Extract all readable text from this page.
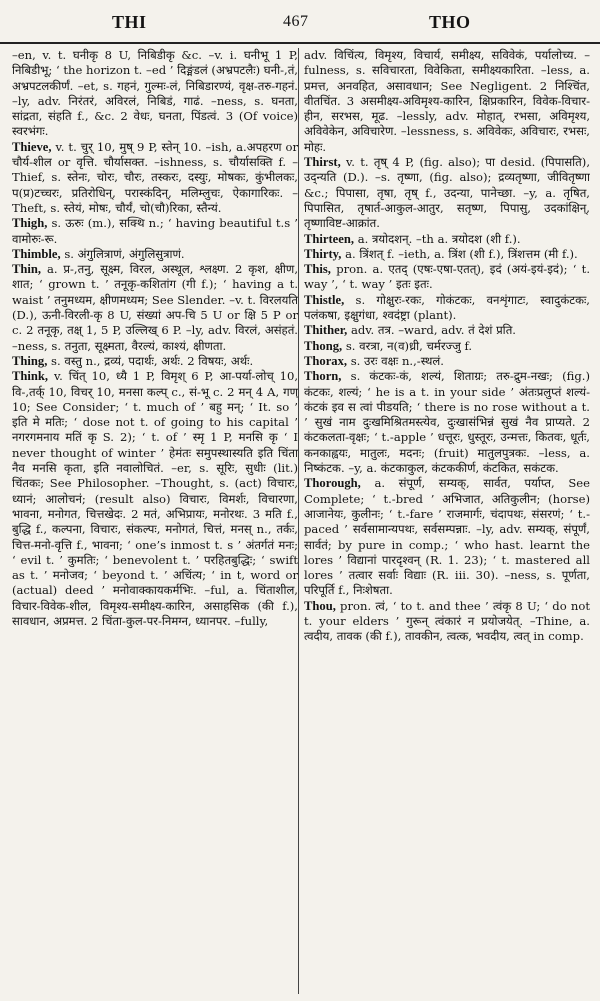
THI	467	THO

–en, v. t. घनीकृ 8 U, निबिडीकृ &c. –v. i. घनीभू 1 P, निबिडीभू; ‘ the horizon t. –ed ’ दिङ्मंडलं (अभ्रपटलैः) घनी-,तं, अभ्रपटलकीर्णं. –et, s. गहनं, गुल्मः-लं, निबिडारण्यं, वृक्ष-तरु-गहनं. –ly, adv. निरंतरं, अविरलं, निबिडं, गाढं. –ness, s. घनता, सांद्रता, संहति f., &c. 2 वेधः, घनता, पिंडत्वं. 3 (Of voice) स्वरभंगः.

Thieve, v. t. चुर् 10, मुष् 9 P, स्तेन् 10. –ish, a.अपहरण or चौर्य-शील or वृत्ति. चौर्यासक्त. –ishness, s. चौर्यासक्ति f. –Thief, s. स्तेनः, चोरः, चौरः, तस्करः, दस्युः, मोषकः, कुंभीलकः, प(प्र)टच्चरः, प्रतिरोधिन्, परास्कंदिन्, मलिम्लुचः, ऐकागारिकः. –Theft, s. स्तेयं, मोषः, चौर्यं, चो(चौ)रिका, स्तैन्यं.

Thigh, s. ऊरुः (m.), सक्थि n.; ‘ having beautiful t.s ’ वामोरुः-रू.

Thimble, s. अंगुलित्राणं, अंगुलिसुत्राणं.

Thin, a. प्र-,तनु, सूक्ष्म, विरल, अस्थूल, श्लक्ष्ण. 2 कृश, क्षीण, शात; ‘ grown t. ’ तनूकृ-कशितांग (गी f.); ‘ having a t. waist ’ तनुमध्यम, क्षीणमध्यम; See Slender. –v. t. विरलयति (D.), ऊनी-विरली-कृ 8 U, संख्यां अप-चि 5 U or क्षि 5 P or c. 2 तनूकृ, तक्ष् 1, 5 P, उल्लिख् 6 P. –ly, adv. विरलं, असंहतं. –ness, s. तनुता, सूक्ष्मता, वैरल्यं, काश्यं, क्षीणता.

Thing, s. वस्तु n., द्रव्यं, पदार्थः, अर्थः. 2 विषयः, अर्थः.

Think, v. चिंत् 10, ध्यै 1 P, विमृश् 6 P, आ-पर्या-लोच् 10, वि-,तर्क् 10, विचर् 10, मनसा कल्प् c., सं-भू c. 2 मन् 4 A, गण् 10; See Consider; ‘ t. much of ’ बहु मन्; ‘ It. so ’ इति मे मतिः; ‘ dose not t. of going to his capital ’ नगरगमनाय मतिं कृ S. 2); ‘ t. of ’ स्मृ 1 P, मनसि कृ ‘ I never thought of winter ’ हेमंतः समुपस्थास्यति इति चिंता नैव मनसि कृता, इति नवालोचितं. –er, s. सूरिः, सुधीः (lit.) चिंतकः; See Philosopher. –Thought, s. (act) विचारः, ध्यानं; आलोचनं; (result also) विचारः, विमर्शः, विचारणा, भावना, मनोगत, चित्तखेदः. 2 मतं, अभिप्रायः, मनोरथः. 3 मति f., बुद्धि f., कल्पना, विचारः, संकल्पः, मनोगतं, चित्तं, मनस् n., तर्कः, चित्त-मनो-वृत्ति f., भावना; ‘ one’s inmost t. s ’ अंतर्गतं मनः; ‘ evil t. ’ कुमतिः; ‘ benevolent t. ’ परहितबुद्धिः; ‘ swift as t. ’ मनोजव; ‘ beyond t. ’ अचिंत्य; ‘ in t, word or (actual) deed ’ मनोवाक्कायकर्मभिः. –ful, a. चिंताशील, विचार-विवेक-शील, विमृश्य-समीक्ष्य-कारिन, असाहसिक (की f.), सावधान, अप्रमत्त. 2 चिंता-कुल-पर-निमग्न, ध्यानपर. –fully,

adv. विचिंत्य, विमृश्य, विचार्य, समीक्ष्य, सविवेकं, पर्यालोच्य. –fulness, s. सविचारता, विवेकिता, समीक्ष्यकारिता. –less, a. प्रमत्त, अनवहित, असावधान; See Negligent. 2 निश्चिंत, वीतचिंत. 3 असमीक्ष्य-अविमृश्य-कारिन, क्षिप्रकारिन, विवेक-विचार-हीन, सरभस, मूढ. –lessly, adv. मोहात्, रभसा, अविमृश्य, अविवेकेन, अविचारेण. –lessness, s. अविवेकः, अविचारः, रभसः, मोहः.

Thirst, v. t. तृष् 4 P, (fig. also); पा desid. (पिपासति), उद्न्यति (D.). –s. तृष्णा, (fig. also); द्रव्यतृष्णा, जीवितृष्णा &c.; पिपासा, तृषा, तृष् f., उदन्या, पानेच्छा. –y, a. तृषित, पिपासित, तृषार्त-आकुल-आतुर, सतृष्ण, पिपासु, उदकांक्षिन्, तृष्णाविष्ट-आक्रांत.

Thirteen, a. त्रयोदशन्. –th a. त्रयोदश (शी f.).

Thirty, a. त्रिंशत् f. –ieth, a. त्रिंश (शी f.), त्रिंशत्तम (मी f.).

This, pron. a. एतद् (एषः-एषा-एतत्), इदं (अयं-इयं-इदं); ‘ t. way ’, ‘ t. way ’ इतः इतः.

Thistle, s. गोक्षुरः-रकः, गोकंटकः, वनशृंगाटः, स्वादुकंटकः, पलंकषा, इक्षुगंधा, श्वदंष्ट्रा (plant).

Thither, adv. तत्र. –ward, adv. तं देशं प्रति.

Thong, s. वरत्रा, न(व)ध्री, चर्मरज्जु f.

Thorax, s. उरः वक्षः n.,-स्थलं.

Thorn, s. कंटकः-कं, शल्यं, शिताग्रः; तरु-द्रुम-नखः; (fig.) कंटकः, शल्यं; ‘ he is a t. in your side ’ अंतःप्रलुप्तं शल्यं-कंटकं इव स त्वां पीडयति; ‘ there is no rose without a t. ’ सुखं नाम दुःखमिश्रितमस्त्येव, दुःखासंभिन्नं सुखं नैव प्राप्यते. 2 कंटकलता-वृक्षः; ‘ t.-apple ’ धत्तूरः, धुस्तूरः, उन्मत्तः, कितवः, धूर्तः, कनकाह्वयः, मातुलः, मदनः; (fruit) मातुलपुत्रकः. –less, a. निष्कंटक. –y, a. कंटकाकुल, कंटककीर्ण, कंटकित, सकंटक.

Thorough, a. संपूर्ण, सम्यक्, सार्वत, पर्याप्त, See Complete; ‘ t.-bred ’ अभिजात, अतिकुलीन; (horse) आजानेयः, कुलीनः; ‘ t.-fare ’ राजमार्गः, चंदापथः, संसरणं; ‘ t.-paced ’ सर्वसामान्यपथः, सर्वसम्पन्नाः. –ly, adv. सम्यक्, संपूर्णं, सार्वतं; by pure in comp.; ‘ who hast. learnt the lores ’ विद्यानां पारदृश्वन् (R. 1. 23); ‘ t. mastered all lores ’ तत्वार सर्वाः विद्याः (R. iii. 30). –ness, s. पूर्णता, परिपूर्ति f., निःशेषता.

Thou, pron. त्वं, ‘ to t. and thee ’ त्वंकृ 8 U; ‘ do not t. your elders ’ गुरून् त्वंकारं न प्रयोजयेत्. –Thine, a. त्वदीय, तावक (की f.), तावकीन, त्वत्क, भवदीय, त्वत् in comp.
